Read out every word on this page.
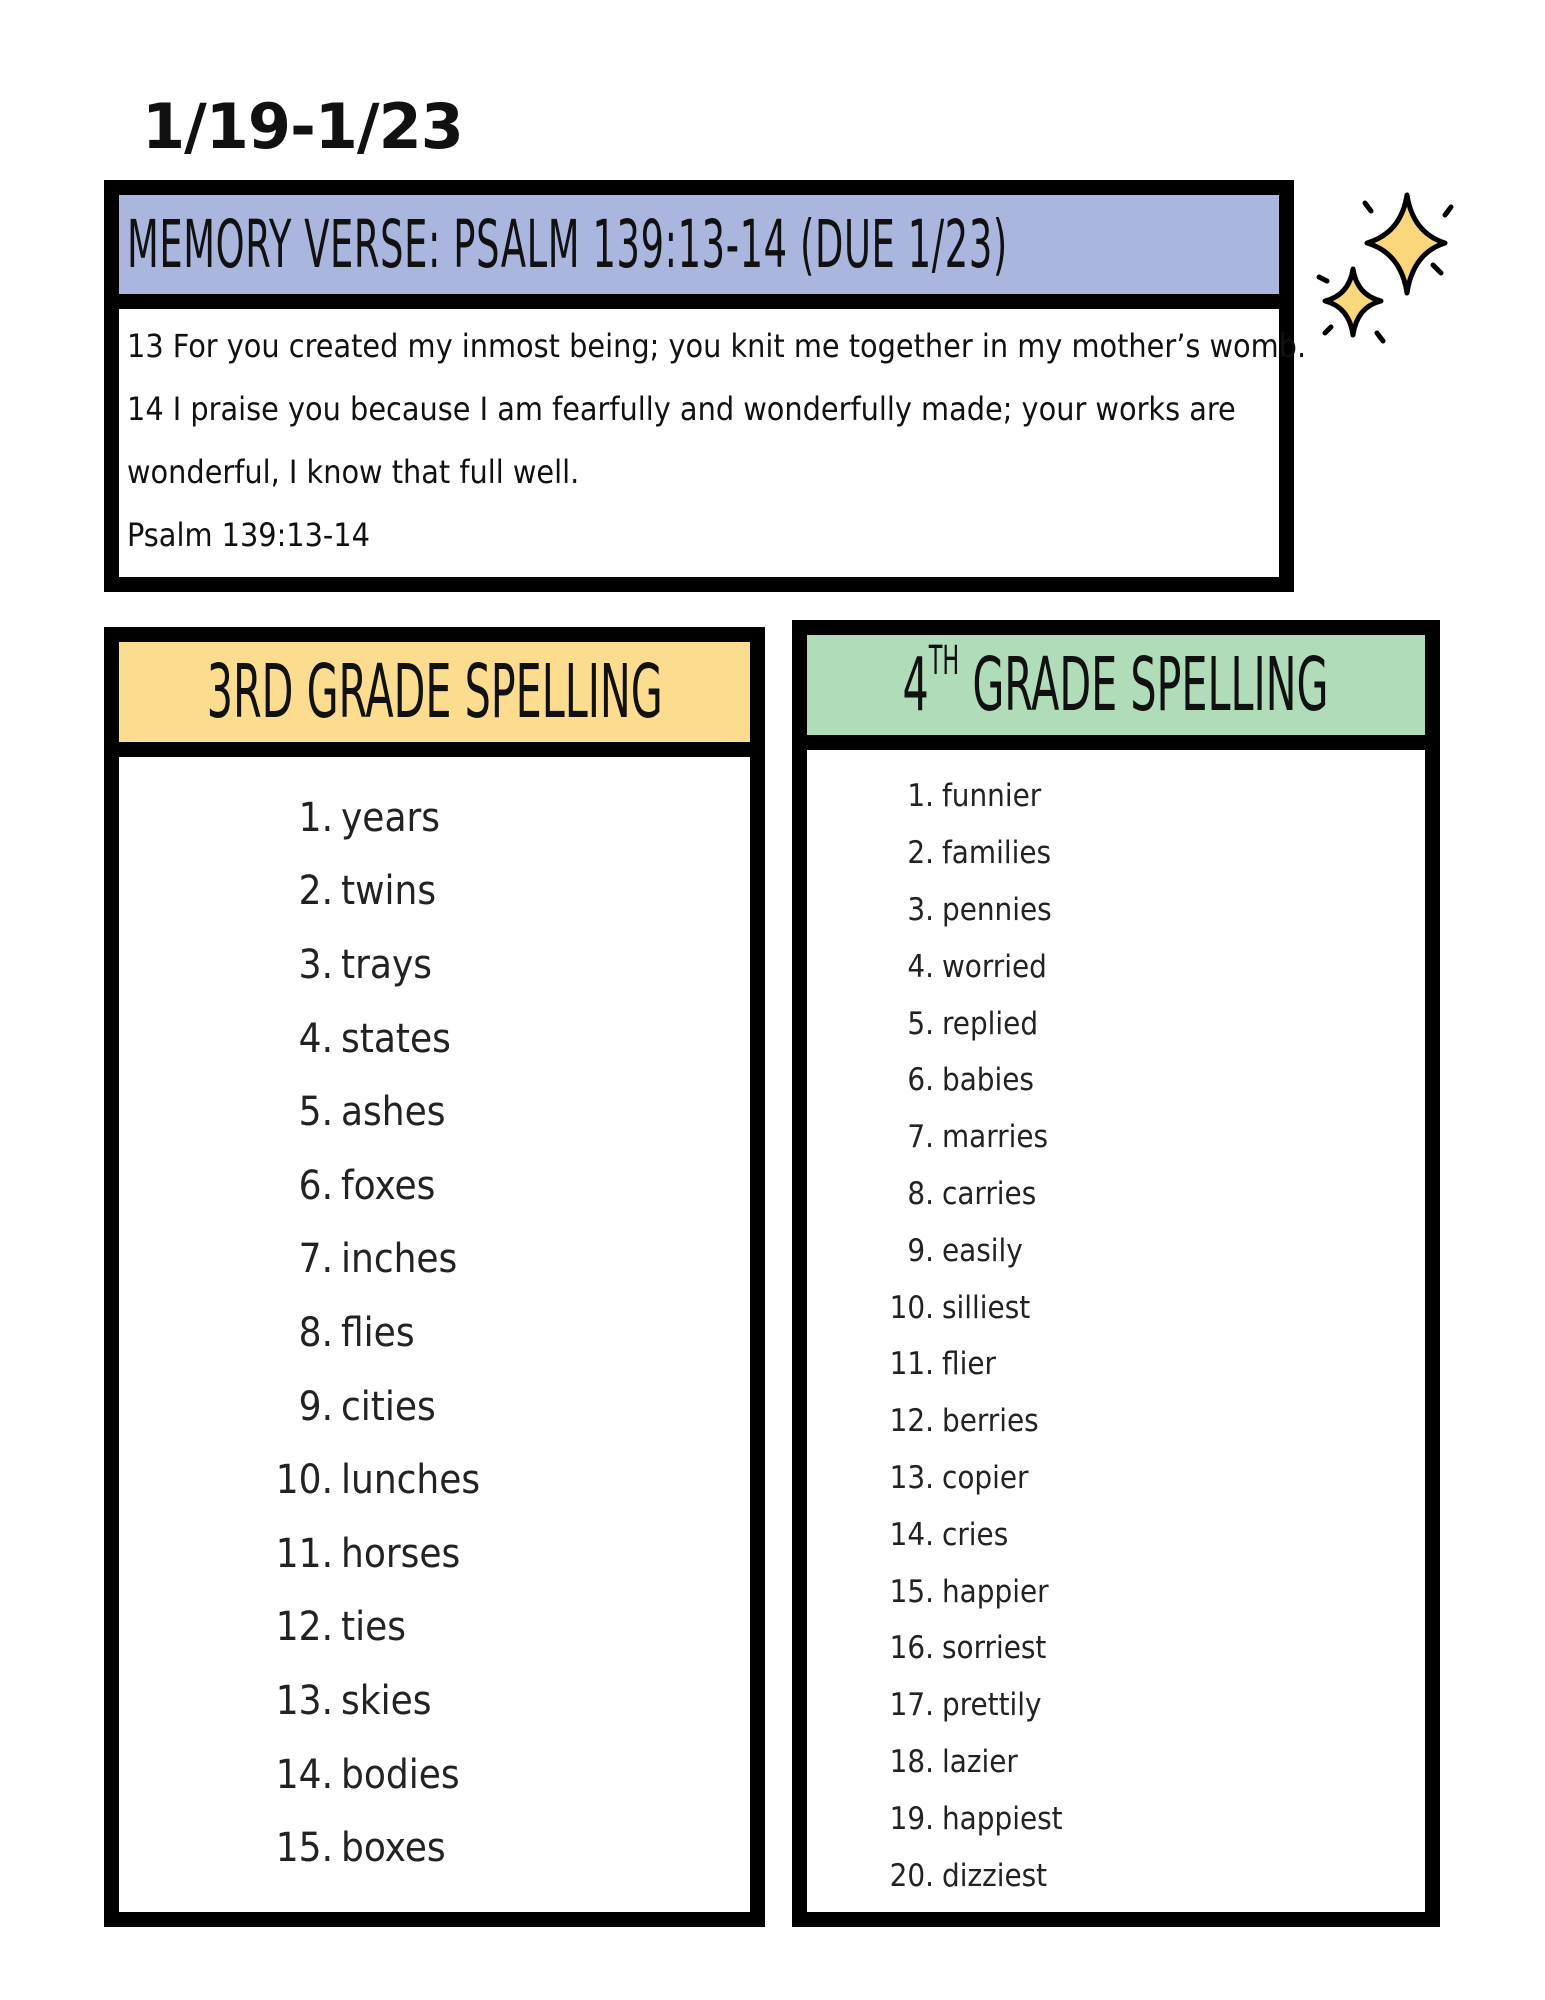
1/19-1/23
MEMORY VERSE: PSALM 139:13-14 (DUE 1/23)
13 For you created my inmost being; you knit me together in my mother’s womb.
14 I praise you because I am fearfully and wonderfully made; your works are
wonderful, I know that full well.
Psalm 139:13-14
3RD GRADE SPELLING
1. years
2. twins
3. trays
4. states
5. ashes
6. foxes
7. inches
8. flies
9. cities
10. lunches
11. horses
12. ties
13. skies
14. bodies
15. boxes
4TH GRADE SPELLING
1. funnier
2. families
3. pennies
4. worried
5. replied
6. babies
7. marries
8. carries
9. easily
10. silliest
11. flier
12. berries
13. copier
14. cries
15. happier
16. sorriest
17. prettily
18. lazier
19. happiest
20. dizziest
